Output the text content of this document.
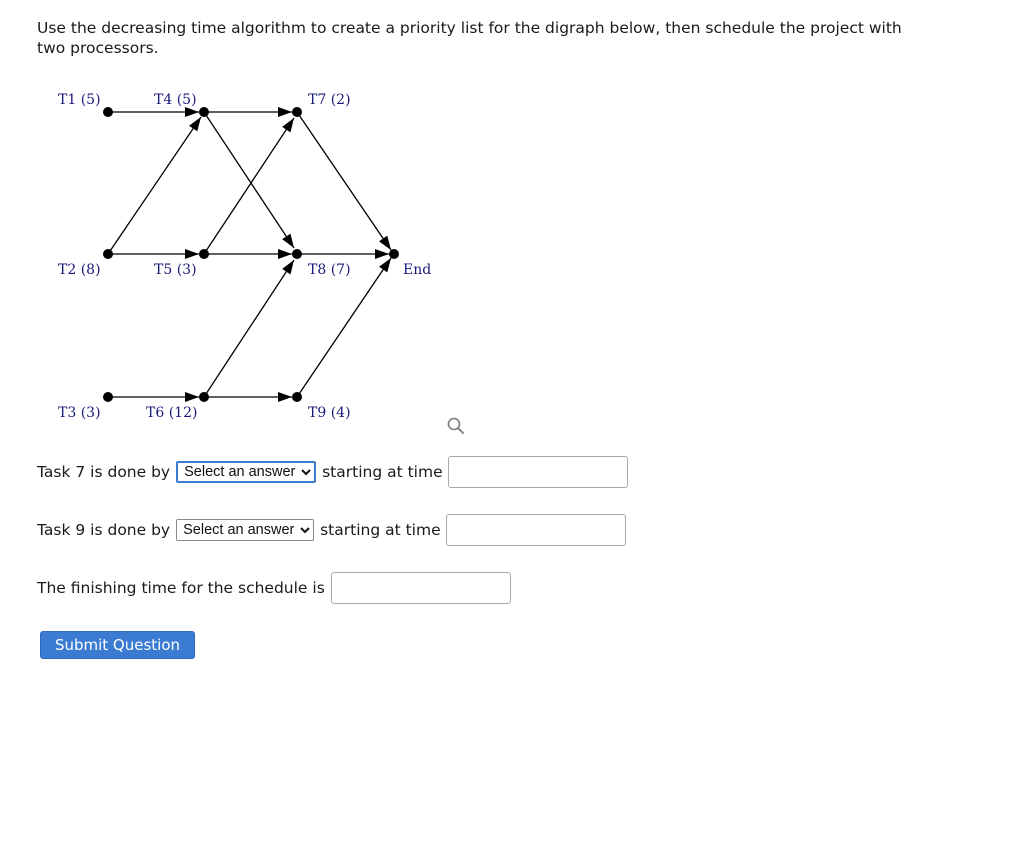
Use the decreasing time algorithm to create a priority list for the digraph below, then schedule the project with two processors.
T1 (5)	T4 (5)	T7 (2)
T2 (8)	T5 (3)	T8 (7)	End
T3 (3)	T6 (12)	T9 (4)
Task 7 is done by
Select an answer	starting at time
Task 9 is done by
Select an answer	starting at time
The finishing time for the schedule is
Submit Question
